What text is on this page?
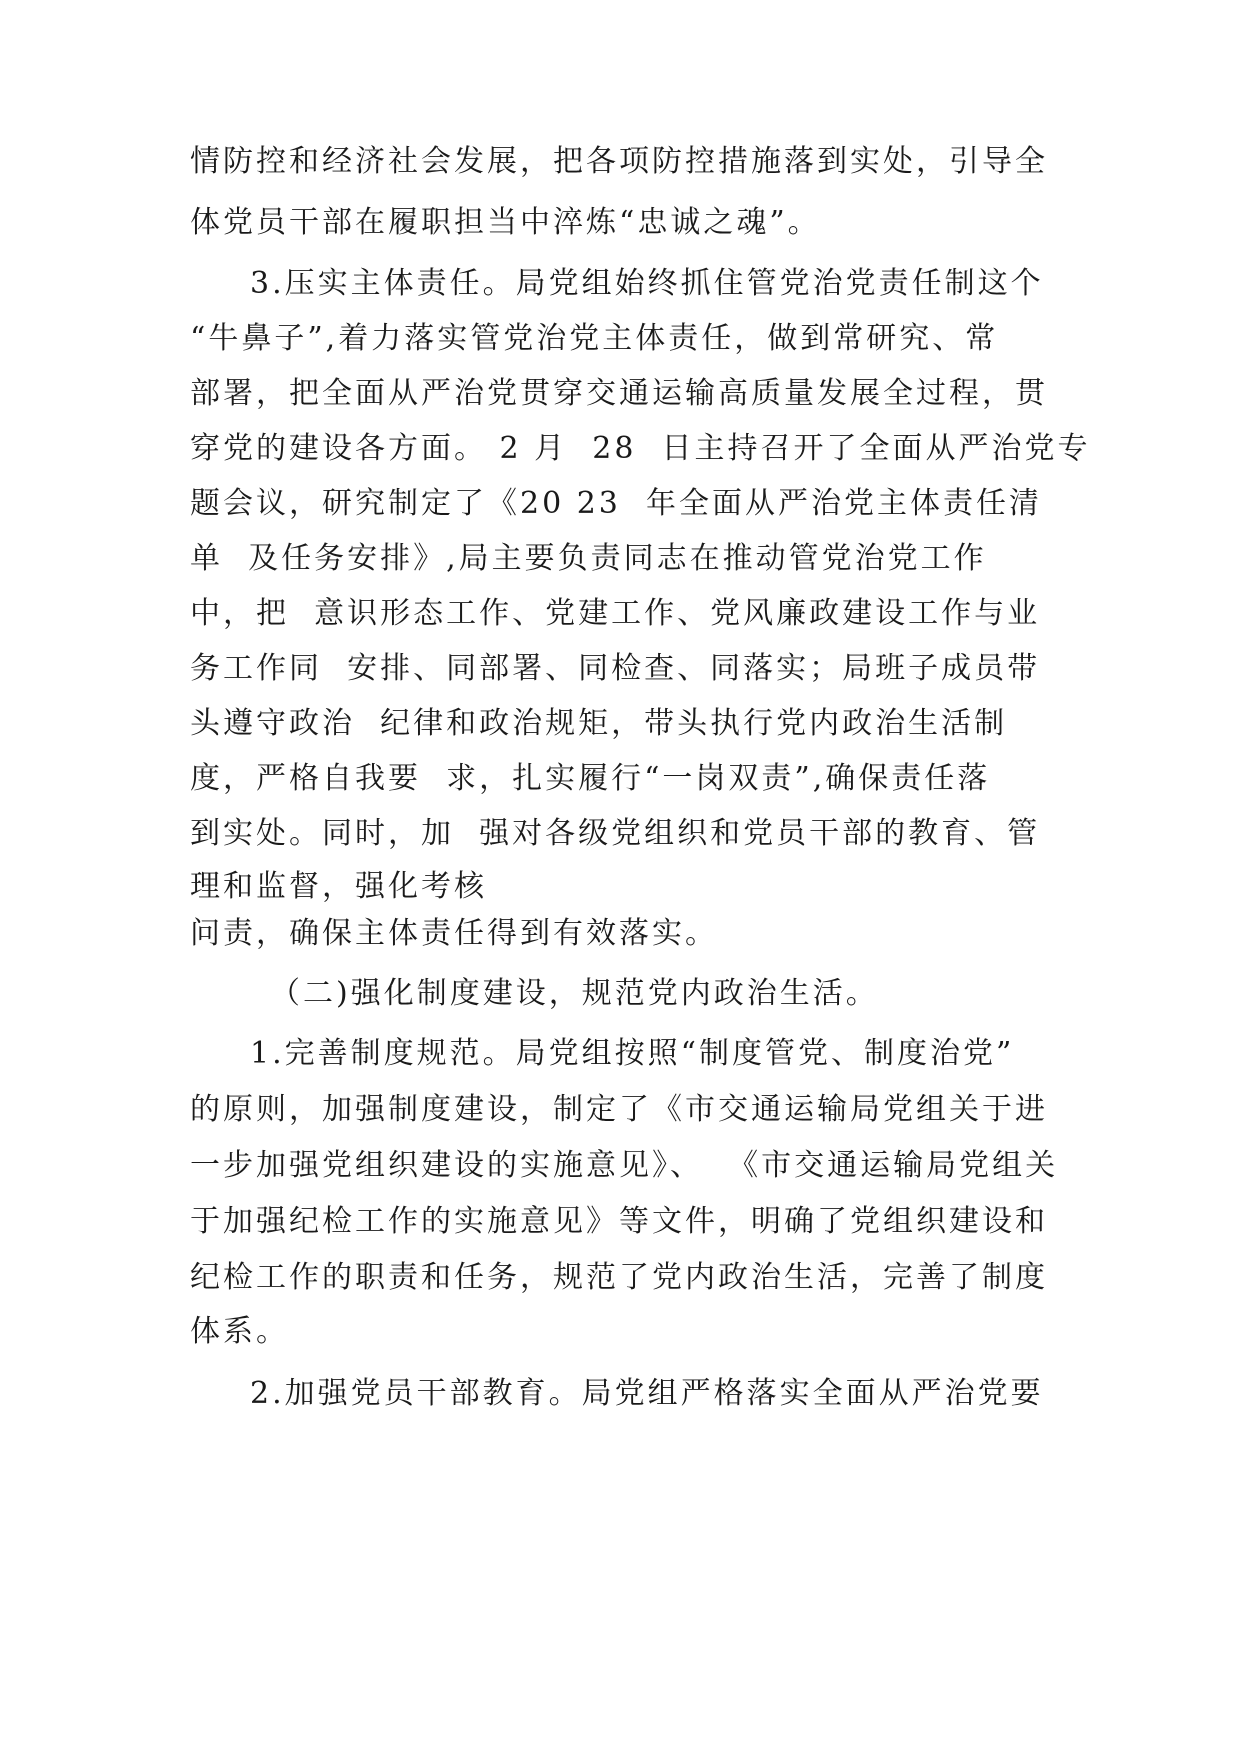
情防控和经济社会发展，把各项防控措施落到实处，引导全
体党员干部在履职担当中淬炼“忠诚之魂”。
3.压实主体责任。局党组始终抓住管党治党责任制这个
“牛鼻子”,着力落实管党治党主体责任，做到常研究、常
部署，把全面从严治党贯穿交通运输高质量发展全过程，贯
穿党的建设各方面。 2 月  28  日主持召开了全面从严治党专
题会议，研究制定了《20 23  年全面从严治党主体责任清
单  及任务安排》,局主要负责同志在推动管党治党工作
中，把  意识形态工作、党建工作、党风廉政建设工作与业
务工作同  安排、同部署、同检查、同落实；局班子成员带
头遵守政治  纪律和政治规矩，带头执行党内政治生活制
度，严格自我要  求，扎实履行“一岗双责”,确保责任落
到实处。同时，加  强对各级党组织和党员干部的教育、管
理和监督，强化考核
问责，确保主体责任得到有效落实。
（二)强化制度建设，规范党内政治生活。
1.完善制度规范。局党组按照“制度管党、制度治党”
的原则，加强制度建设，制定了《市交通运输局党组关于进
一步加强党组织建设的实施意见》、  《市交通运输局党组关
于加强纪检工作的实施意见》等文件，明确了党组织建设和
纪检工作的职责和任务，规范了党内政治生活，完善了制度
体系。
2.加强党员干部教育。局党组严格落实全面从严治党要
